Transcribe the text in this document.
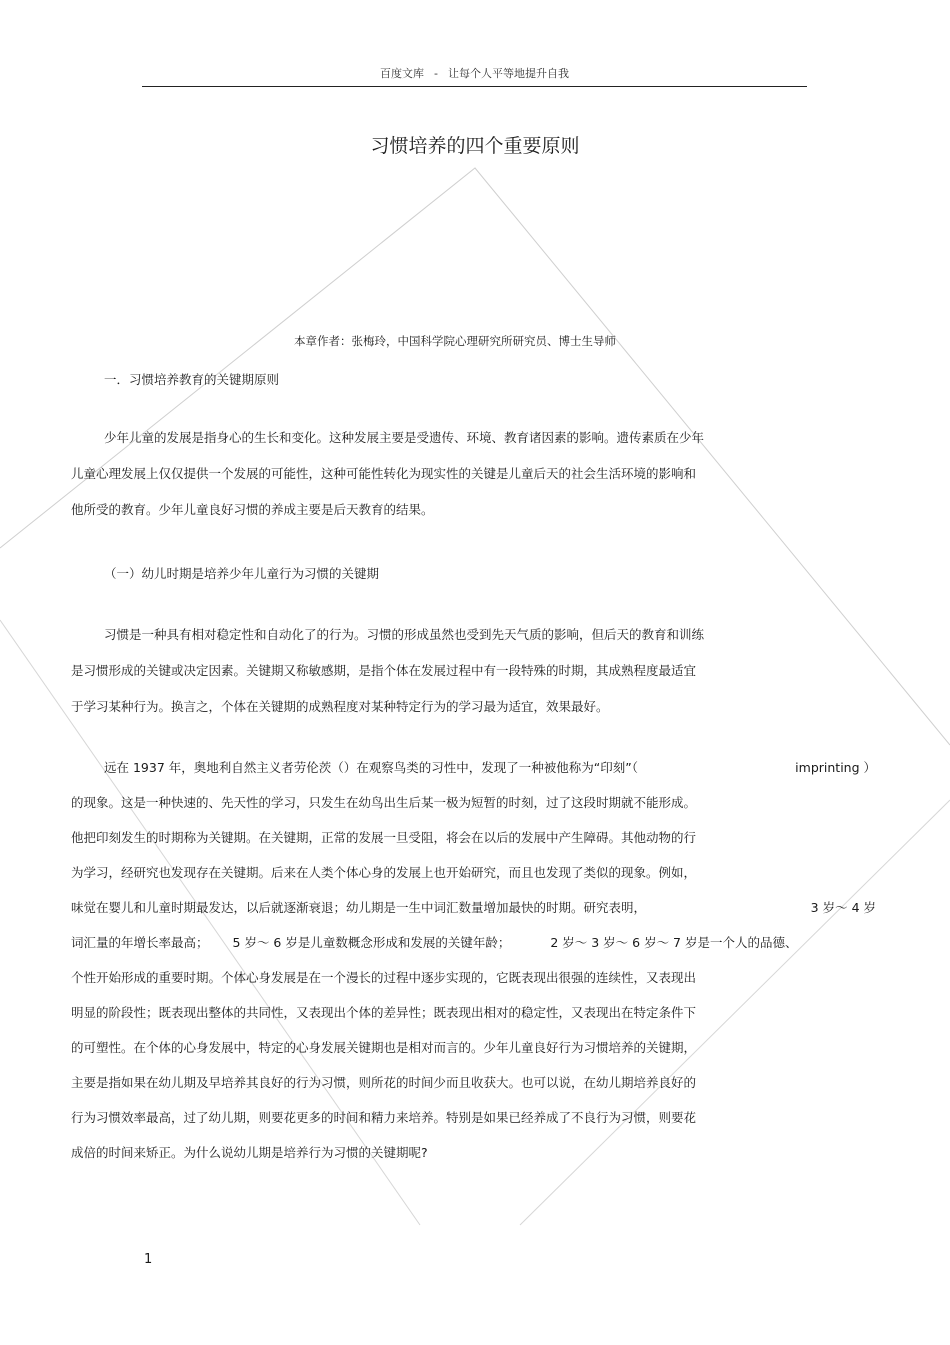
百度文库 - 让每个人平等地提升自我
习惯培养的四个重要原则
本章作者：张梅玲，中国科学院心理研究所研究员、博士生导师
一．习惯培养教育的关键期原则
少年儿童的发展是指身心的生长和变化。这种发展主要是受遗传、环境、教育诸因素的影响。遗传素质在少年
儿童心理发展上仅仅提供一个发展的可能性，这种可能性转化为现实性的关键是儿童后天的社会生活环境的影响和
他所受的教育。少年儿童良好习惯的养成主要是后天教育的结果。
（一）幼儿时期是培养少年儿童行为习惯的关键期
习惯是一种具有相对稳定性和自动化了的行为。习惯的形成虽然也受到先天气质的影响，但后天的教育和训练
是习惯形成的关键或决定因素。关键期又称敏感期，是指个体在发展过程中有一段特殊的时期，其成熟程度最适宜
于学习某种行为。换言之，个体在关键期的成熟程度对某种特定行为的学习最为适宜，效果最好。
远在 1937 年，奥地利自然主义者劳伦茨（）在观察鸟类的习性中，发现了一种被他称为“印刻”（	imprinting ）
的现象。这是一种快速的、先天性的学习，只发生在幼鸟出生后某一极为短暂的时刻，过了这段时期就不能形成。
他把印刻发生的时期称为关键期。在关键期，正常的发展一旦受阻，将会在以后的发展中产生障碍。其他动物的行
为学习，经研究也发现存在关键期。后来在人类个体心身的发展上也开始研究，而且也发现了类似的现象。例如，
味觉在婴儿和儿童时期最发达，以后就逐渐衰退；幼儿期是一生中词汇数量增加最快的时期。研究表明，	3 岁～ 4 岁
词汇量的年增长率最高； 5 岁～ 6 岁是儿童数概念形成和发展的关键年龄；	2 岁～ 3 岁～ 6 岁～ 7 岁是一个人的品德、
个性开始形成的重要时期。个体心身发展是在一个漫长的过程中逐步实现的，它既表现出很强的连续性，又表现出
明显的阶段性；既表现出整体的共同性，又表现出个体的差异性；既表现出相对的稳定性，又表现出在特定条件下
的可塑性。在个体的心身发展中，特定的心身发展关键期也是相对而言的。少年儿童良好行为习惯培养的关键期，
主要是指如果在幼儿期及早培养其良好的行为习惯，则所花的时间少而且收获大。也可以说，在幼儿期培养良好的
行为习惯效率最高，过了幼儿期，则要花更多的时间和精力来培养。特别是如果已经养成了不良行为习惯，则要花
成倍的时间来矫正。为什么说幼儿期是培养行为习惯的关键期呢?
1
